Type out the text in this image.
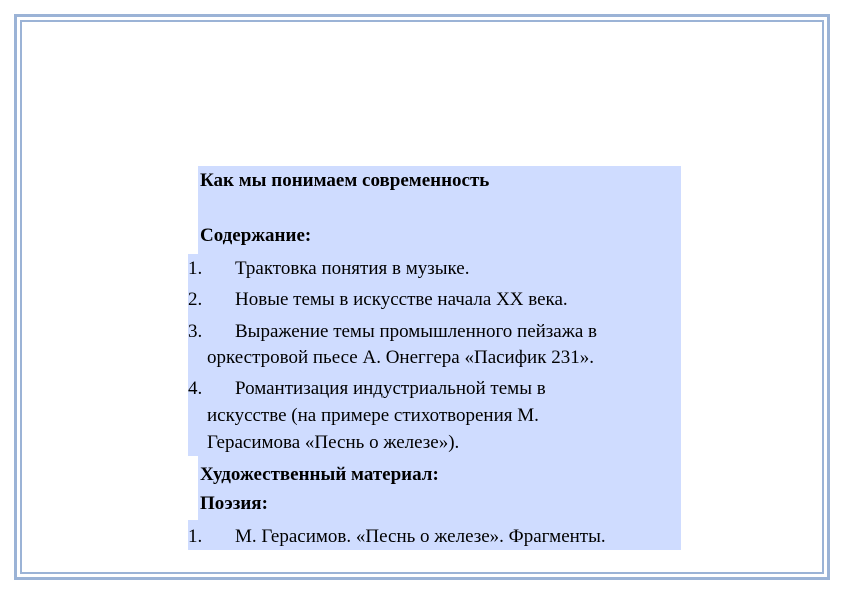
Как мы понимаем современность
Содержание:
1. Трактовка понятия в музыке.
2. Новые темы в искусстве начала XX века.
3. Выражение темы промышленного пейзажа в
оркестровой пьесе А. Онеггера «Пасифик 231».
4. Романтизация индустриальной темы в
искусстве (на примере стихотворения М.
Герасимова «Песнь о железе»).
Художественный материал:
Поэзия:
1. М. Герасимов. «Песнь о железе». Фрагменты.
